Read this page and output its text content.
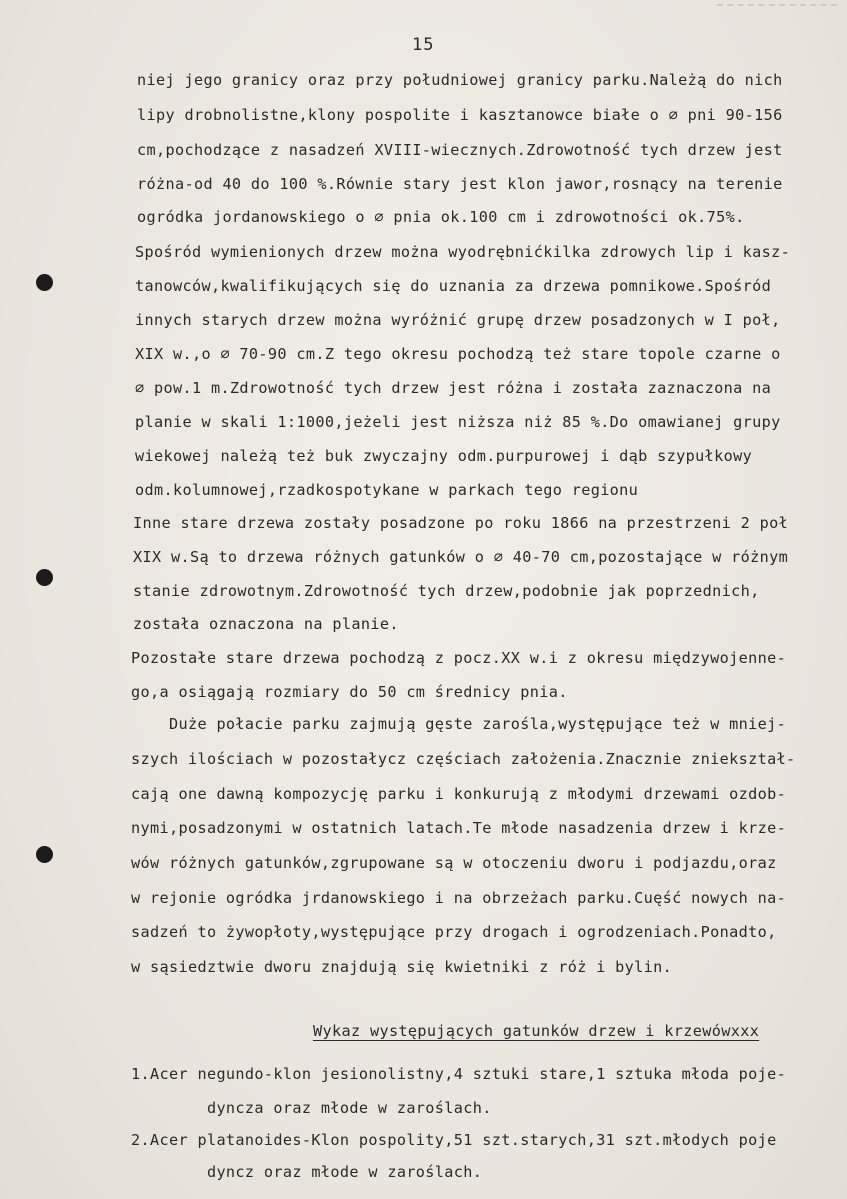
15
niej jego granicy oraz przy południowej granicy parku.Należą do nich
lipy drobnolistne,klony pospolite i kasztanowce białe o ∅ pni 90-156
cm,pochodzące z nasadzeń XVIII-wiecznych.Zdrowotność tych drzew jest
różna-od 40 do 100 %.Równie stary jest klon jawor,rosnący na terenie
ogródka jordanowskiego o ∅ pnia ok.100 cm i zdrowotności ok.75%.
Spośród wymienionych drzew można wyodrębnićkilka zdrowych lip i kasz-
tanowców,kwalifikujących się do uznania za drzewa pomnikowe.Spośród
innych starych drzew można wyróżnić grupę drzew posadzonych w I poł,
XIX w.,o ∅ 70-90 cm.Z tego okresu pochodzą też stare topole czarne o
∅ pow.1 m.Zdrowotność tych drzew jest różna i została zaznaczona na
planie w skali 1:1000,jeżeli jest niższa niż 85 %.Do omawianej grupy
wiekowej należą też buk zwyczajny odm.purpurowej i dąb szypułkowy
odm.kolumnowej,rzadkospotykane w parkach tego regionu
Inne stare drzewa zostały posadzone po roku 1866 na przestrzeni 2 poł
XIX w.Są to drzewa różnych gatunków o ∅ 40-70 cm,pozostające w różnym
stanie zdrowotnym.Zdrowotność tych drzew,podobnie jak poprzednich,
została oznaczona na planie.
Pozostałe stare drzewa pochodzą z pocz.XX w.i z okresu międzywojenne-
go,a osiągają rozmiary do 50 cm średnicy pnia.
Duże połacie parku zajmują gęste zarośla,występujące też w mniej-
szych ilościach w pozostałycz częściach założenia.Znacznie zniekształ-
cają one dawną kompozycję parku i konkurują z młodymi drzewami ozdob-
nymi,posadzonymi w ostatnich latach.Te młode nasadzenia drzew i krze-
wów różnych gatunków,zgrupowane są w otoczeniu dworu i podjazdu,oraz
w rejonie ogródka jrdanowskiego i na obrzeżach parku.Cuęść nowych na-
sadzeń to żywopłoty,występujące przy drogach i ogrodzeniach.Ponadto,
w sąsiedztwie dworu znajdują się kwietniki z róż i bylin.
Wykaz występujących gatunków drzew i krzewówxxx
1.Acer negundo-klon jesionolistny,4 sztuki stare,1 sztuka młoda poje-
dyncza oraz młode w zaroślach.
2.Acer platanoides-Klon pospolity,51 szt.starych,31 szt.młodych poje
dyncz oraz młode w zaroślach.
